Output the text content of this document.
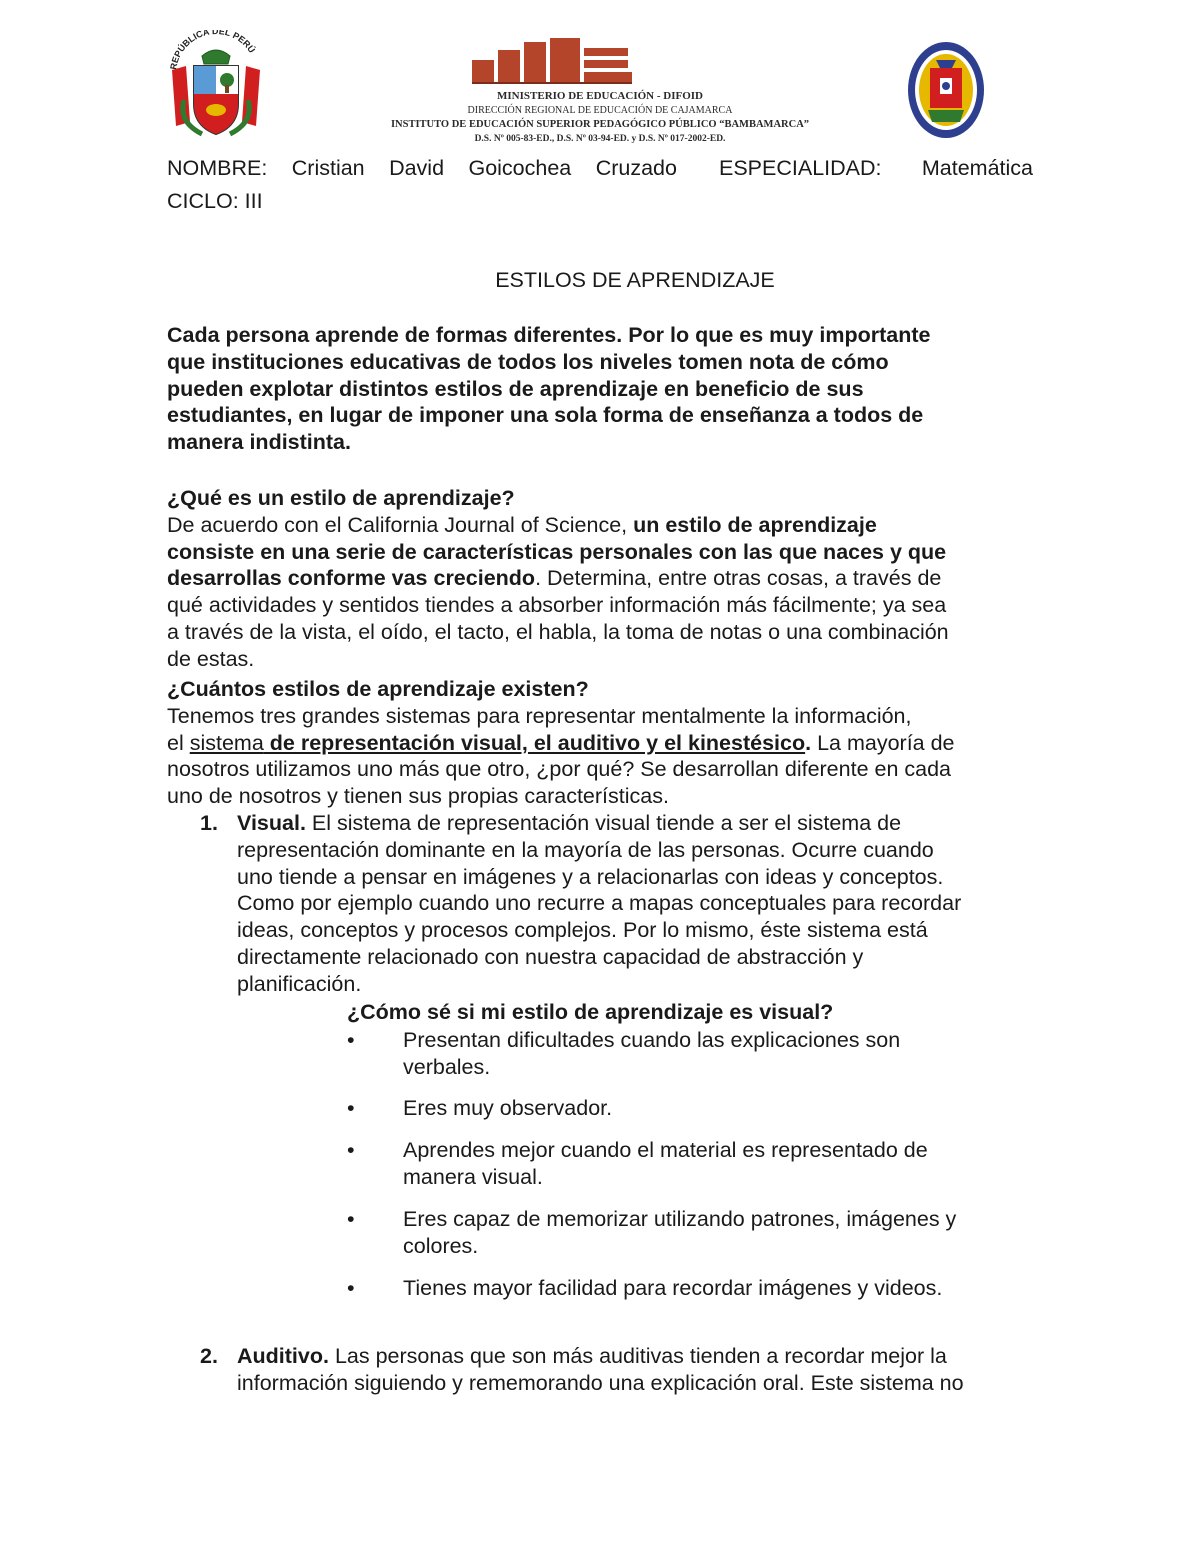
REPÚBLICA DEL PERÚ
MINISTERIO DE EDUCACIÓN - DIFOID
DIRECCIÓN REGIONAL DE EDUCACIÓN DE CAJAMARCA
INSTITUTO DE EDUCACIÓN SUPERIOR PEDAGÓGICO PÚBLICO “BAMBAMARCA”
D.S. Nº 005-83-ED., D.S. Nº 03-94-ED. y D.S. Nº 017-2002-ED.
NOMBRE: Cristian David Goicochea Cruzado ESPECIALIDAD: Matemática
CICLO: III
ESTILOS DE APRENDIZAJE
Cada persona aprende de formas diferentes. Por lo que es muy importante
que instituciones educativas de todos los niveles tomen nota de cómo
pueden explotar distintos estilos de aprendizaje en beneficio de sus
estudiantes, en lugar de imponer una sola forma de enseñanza a todos de
manera indistinta.
¿Qué es un estilo de aprendizaje?
De acuerdo con el California Journal of Science, un estilo de aprendizaje
consiste en una serie de características personales con las que naces y que
desarrollas conforme vas creciendo. Determina, entre otras cosas, a través de
qué actividades y sentidos tiendes a absorber información más fácilmente; ya sea
a través de la vista, el oído, el tacto, el habla, la toma de notas o una combinación
de estas.
¿Cuántos estilos de aprendizaje existen?
Tenemos tres grandes sistemas para representar mentalmente la información,
el sistema de representación visual, el auditivo y el kinestésico. La mayoría de
nosotros utilizamos uno más que otro, ¿por qué? Se desarrollan diferente en cada
uno de nosotros y tienen sus propias características.
1. Visual. El sistema de representación visual tiende a ser el sistema de
representación dominante en la mayoría de las personas. Ocurre cuando
uno tiende a pensar en imágenes y a relacionarlas con ideas y conceptos.
Como por ejemplo cuando uno recurre a mapas conceptuales para recordar
ideas, conceptos y procesos complejos. Por lo mismo, éste sistema está
directamente relacionado con nuestra capacidad de abstracción y
planificación.
¿Cómo sé si mi estilo de aprendizaje es visual?
•	Presentan dificultades cuando las explicaciones son
verbales.
•	Eres muy observador.
•	Aprendes mejor cuando el material es representado de
manera visual.
•	Eres capaz de memorizar utilizando patrones, imágenes y
colores.
•	Tienes mayor facilidad para recordar imágenes y videos.
2. Auditivo. Las personas que son más auditivas tienden a recordar mejor la
información siguiendo y rememorando una explicación oral. Este sistema no
